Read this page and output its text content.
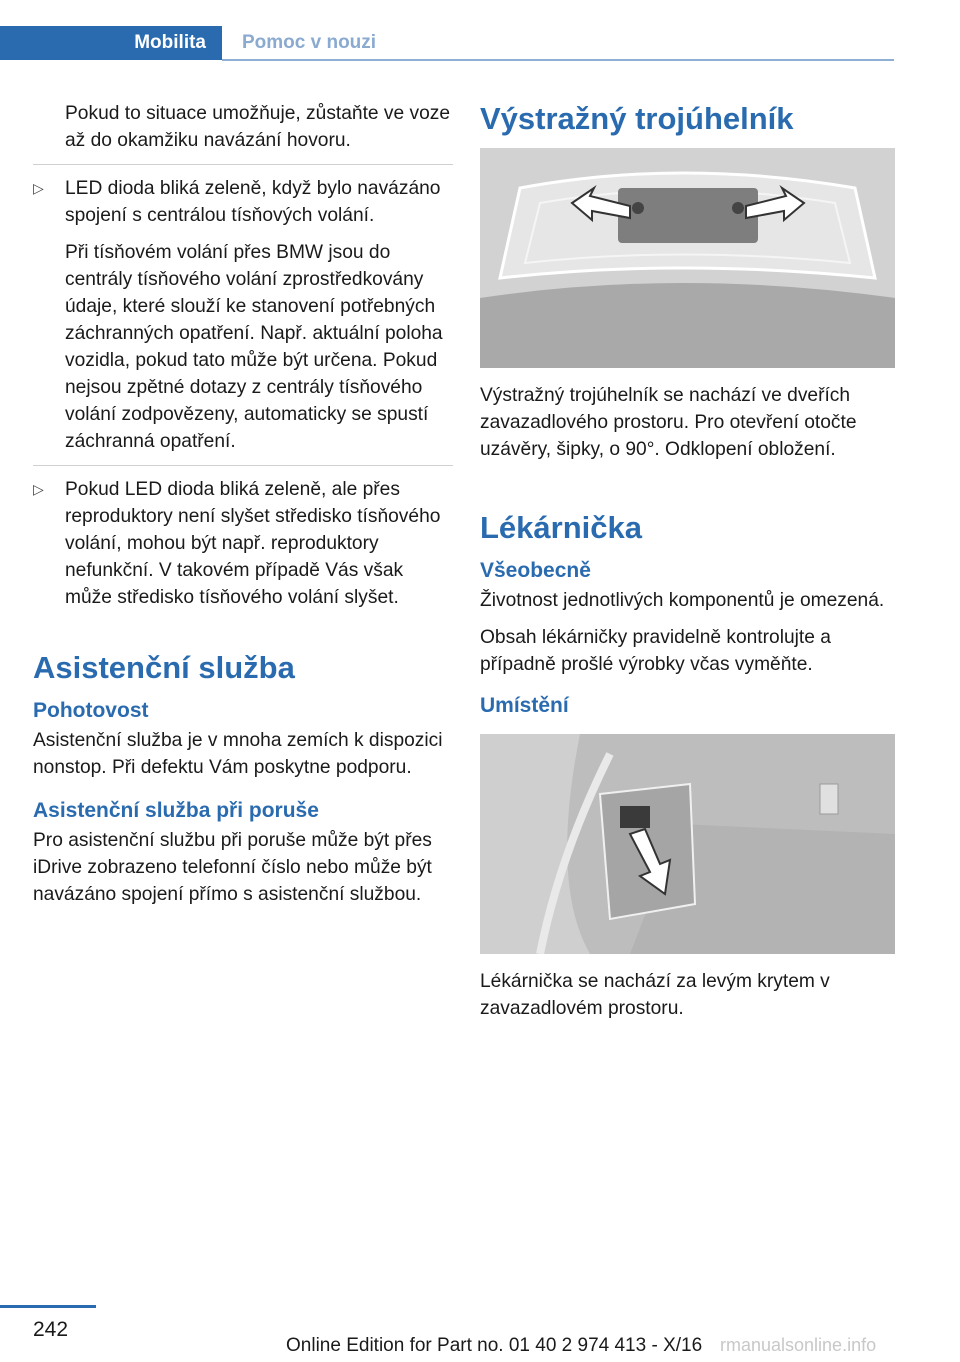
Mobilita Pomoc v nouzi

Pokud to situace umožňuje, zůstaňte ve voze až do okamžiku navázání hovoru.

▷ LED dioda bliká zeleně, když bylo navázáno spojení s centrálou tísňových volání.

Při tísňovém volání přes BMW jsou do centrály tísňového volání zprostředkovány údaje, které slouží ke stanovení potřebných záchranných opatření. Např. aktuální poloha vozidla, pokud tato může být určena. Pokud nejsou zpětné dotazy z centrály tísňového volání zodpovězeny, automaticky se spustí záchranná opatření.

▷ Pokud LED dioda bliká zeleně, ale přes reproduktory není slyšet středisko tísňového volání, mohou být např. reproduktory nefunkční. V takovém případě Vás však může středisko tísňového volání slyšet.

Asistenční služba
Pohotovost

Asistenční služba je v mnoha zemích k dispozici nonstop. Při defektu Vám poskytne podporu.

Asistenční služba při poruše

Pro asistenční službu při poruše může být přes iDrive zobrazeno telefonní číslo nebo může být navázáno spojení přímo s asistenční službou.

Výstražný trojúhelník

Výstražný trojúhelník se nachází ve dveřích zavazadlového prostoru. Pro otevření otočte uzávěry, šipky, o 90°. Odklopení obložení.

Lékárnička
Všeobecně

Životnost jednotlivých komponentů je omezená.

Obsah lékárničky pravidelně kontrolujte a případně prošlé výrobky včas vyměňte.

Umístění

Lékárnička se nachází za levým krytem v zavazadlovém prostoru.

242
Online Edition for Part no. 01 40 2 974 413 - X/16 rmanualsonline.info
